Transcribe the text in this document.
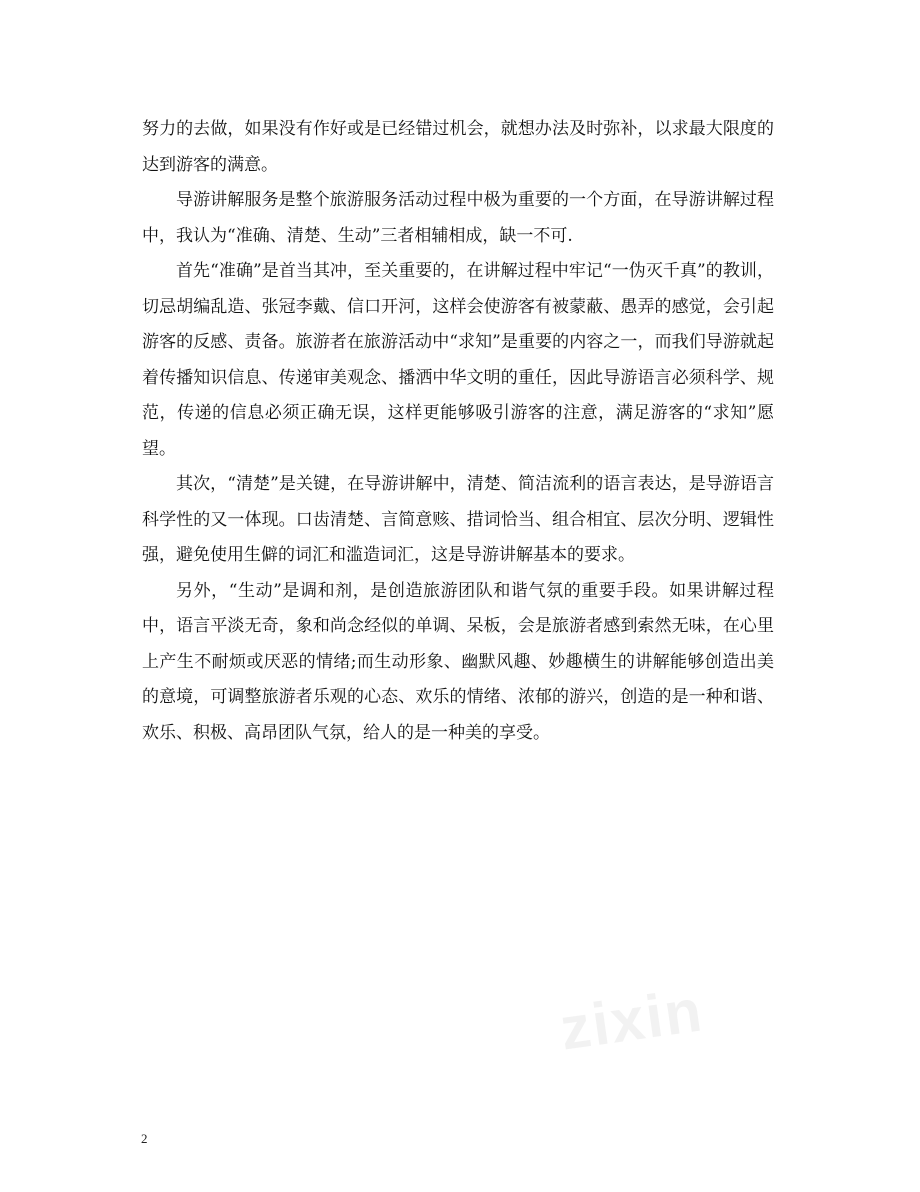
努力的去做，如果没有作好或是已经错过机会，就想办法及时弥补，以求最大限度的达到游客的满意。

导游讲解服务是整个旅游服务活动过程中极为重要的一个方面，在导游讲解过程中，我认为“准确、清楚、生动”三者相辅相成，缺一不可.

首先“准确”是首当其冲，至关重要的，在讲解过程中牢记“一伪灭千真”的教训，切忌胡编乱造、张冠李戴、信口开河，这样会使游客有被蒙蔽、愚弄的感觉，会引起游客的反感、责备。旅游者在旅游活动中“求知”是重要的内容之一，而我们导游就起着传播知识信息、传递审美观念、播洒中华文明的重任，因此导游语言必须科学、规范，传递的信息必须正确无误，这样更能够吸引游客的注意，满足游客的“求知”愿望。

其次，“清楚”是关键，在导游讲解中，清楚、简洁流利的语言表达，是导游语言科学性的又一体现。口齿清楚、言简意赅、措词恰当、组合相宜、层次分明、逻辑性强，避免使用生僻的词汇和滥造词汇，这是导游讲解基本的要求。

另外，“生动”是调和剂，是创造旅游团队和谐气氛的重要手段。如果讲解过程中，语言平淡无奇，象和尚念经似的单调、呆板，会是旅游者感到索然无味，在心里上产生不耐烦或厌恶的情绪;而生动形象、幽默风趣、妙趣横生的讲解能够创造出美的意境，可调整旅游者乐观的心态、欢乐的情绪、浓郁的游兴，创造的是一种和谐、欢乐、积极、高昂团队气氛，给人的是一种美的享受。

zixin
2
